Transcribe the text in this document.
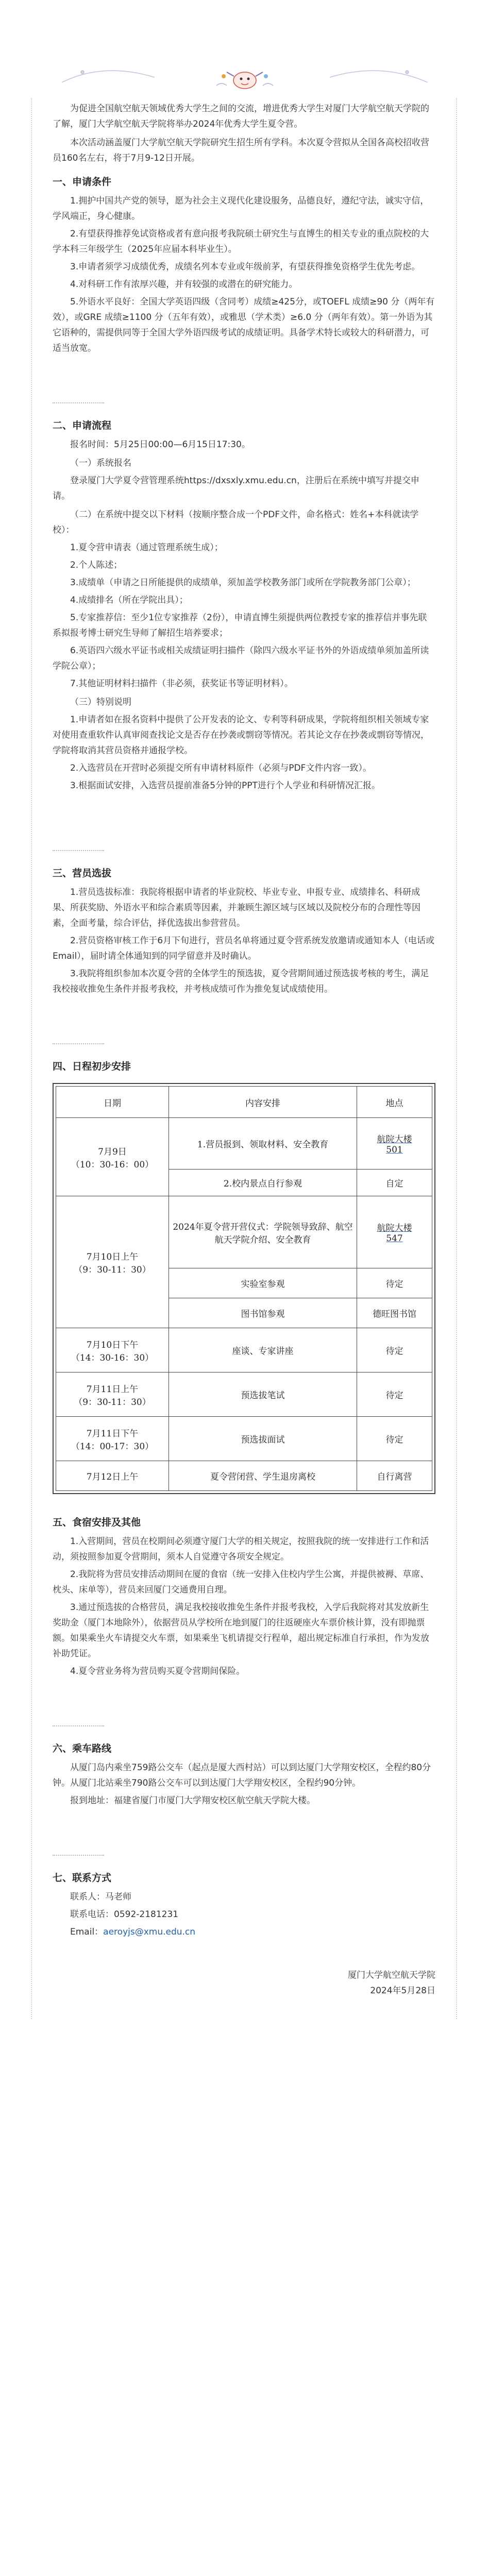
为促进全国航空航天领域优秀大学生之间的交流，增进优秀大学生对厦门大学航空航天学院的了解，厦门大学航空航天学院将举办2024年优秀大学生夏令营。

本次活动涵盖厦门大学航空航天学院研究生招生所有学科。本次夏令营拟从全国各高校招收营员160名左右，将于7月9-12日开展。

一、申请条件

1.拥护中国共产党的领导，愿为社会主义现代化建设服务，品德良好，遵纪守法，诚实守信，学风端正，身心健康。

2.有望获得推荐免试资格或者有意向报考我院硕士研究生与直博生的相关专业的重点院校的大学本科三年级学生（2025年应届本科毕业生）。

3.申请者须学习成绩优秀，成绩名列本专业或年级前茅，有望获得推免资格学生优先考虑。

4.对科研工作有浓厚兴趣，并有较强的或潜在的研究能力。

5.外语水平良好：全国大学英语四级（含同考）成绩≥425分，或TOEFL 成绩≥90 分（两年有效），或GRE 成绩≥1100 分（五年有效），或雅思（学术类）≥6.0 分（两年有效）。第一外语为其它语种的，需提供同等于全国大学外语四级考试的成绩证明。具备学术特长或较大的科研潜力，可适当放宽。

二、申请流程

报名时间：5月25日00:00—6月15日17:30。

（一）系统报名

登录厦门大学夏令营管理系统https://dxsxly.xmu.edu.cn，注册后在系统中填写并提交申请。

（二）在系统中提交以下材料（按顺序整合成一个PDF文件，命名格式：姓名+本科就读学校）：

1.夏令营申请表（通过管理系统生成）；

2.个人陈述；

3.成绩单（申请之日所能提供的成绩单，须加盖学校教务部门或所在学院教务部门公章）；

4.成绩排名（所在学院出具）；

5.专家推荐信：至少1位专家推荐（2份），申请直博生须提供两位教授专家的推荐信并事先联系拟报考博士研究生导师了解招生培养要求；

6.英语四六级水平证书或相关成绩证明扫描件（除四六级水平证书外的外语成绩单须加盖所读学院公章）；

7.其他证明材料扫描件（非必须，获奖证书等证明材料）。

（三）特别说明

1.申请者如在报名资料中提供了公开发表的论文、专利等科研成果，学院将组织相关领域专家对使用查重软件认真审阅查找论文是否存在抄袭或剽窃等情况。若其论文存在抄袭或剽窃等情况，学院将取消其营员资格并通报学校。

2.入选营员在开营时必须提交所有申请材料原件（必须与PDF文件内容一致）。

3.根据面试安排，入选营员提前准备5分钟的PPT进行个人学业和科研情况汇报。

三、营员选拔

1.营员选拔标准：我院将根据申请者的毕业院校、毕业专业、申报专业、成绩排名、科研成果、所获奖励、外语水平和综合素质等因素，并兼顾生源区域与区域以及院校分布的合理性等因素，全面考量，综合评估，择优选拔出参营营员。

2.营员资格审核工作于6月下旬进行，营员名单将通过夏令营系统发放邀请或通知本人（电话或Email），届时请全体通知到的同学留意并及时确认。

3.我院将组织参加本次夏令营的全体学生的预选拔，夏令营期间通过预选拔考核的考生，满足我校接收推免生条件并报考我校，并考核成绩可作为推免复试成绩使用。

四、日程初步安排
日期	内容安排	地点
7月9日
（10：30-16：00）	1.营员报到、领取材料、安全教育	航院大楼
501
	2.校内景点自行参观	自定
7月10日上午
（9：30-11：30）	2024年夏令营开营仪式：学院领导致辞、航空航天学院介绍、安全教育	航院大楼
547
	实验室参观	待定
	图书馆参观	德旺图书馆
7月10日下午
（14：30-16：30）	座谈、专家讲座	待定
7月11日上午
（9：30-11：30）	预选拔笔试	待定
7月11日下午
（14：00-17：30）	预选拔面试	待定
7月12日上午	夏令营闭营、学生退房离校	自行离营
五、食宿安排及其他

1.入营期间，营员在校期间必须遵守厦门大学的相关规定，按照我院的统一安排进行工作和活动，须按照参加夏令营期间，须本人自觉遵守各项安全规定。

2.我院将为营员安排活动期间在厦的食宿（统一安排入住校内学生公寓，并提供被褥、草席、枕头、床单等），营员来回厦门交通费用自理。

3.通过预选拔的合格营员，满足我校接收推免生条件并报考我校，入学后我院将对其发放新生奖助金（厦门本地除外），依据营员从学校所在地到厦门的往返硬座火车票价核计算，没有即抛票额。如果乘坐火车请提交火车票，如果乘坐飞机请提交行程单，超出规定标准自行承担，作为发放补助凭证。

4.夏令营业务将为营员购买夏令营期间保险。

六、乘车路线

从厦门岛内乘坐759路公交车（起点是厦大西村站）可以到达厦门大学翔安校区，全程约80分钟。从厦门北站乘坐790路公交车可以到达厦门大学翔安校区，全程约90分钟。

报到地址：福建省厦门市厦门大学翔安校区航空航天学院大楼。

七、联系方式

联系人：马老师

联系电话：0592-2181231

Email：aeroyjs@xmu.edu.cn

厦门大学航空航天学院
2024年5月28日
